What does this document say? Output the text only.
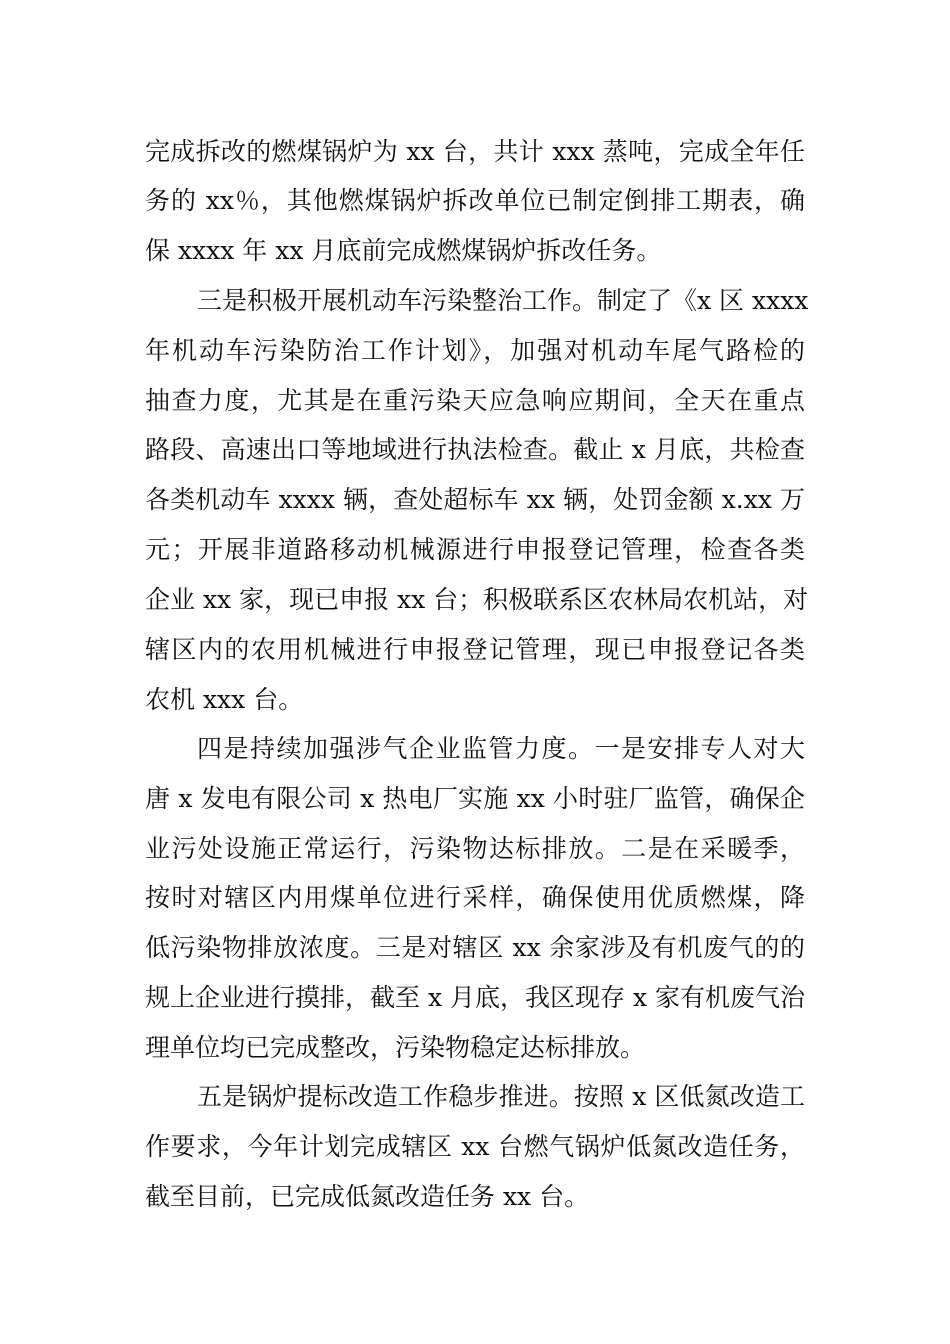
完成拆改的燃煤锅炉为 xx 台，共计 xxx 蒸吨，完成全年任
务的 xx％，其他燃煤锅炉拆改单位已制定倒排工期表，确
保 xxxx 年 xx 月底前完成燃煤锅炉拆改任务。
三是积极开展机动车污染整治工作。制定了《x 区 xxxx
年机动车污染防治工作计划》，加强对机动车尾气路检的
抽查力度，尤其是在重污染天应急响应期间，全天在重点
路段、高速出口等地域进行执法检查。截止 x 月底，共检查
各类机动车 xxxx 辆，查处超标车 xx 辆，处罚金额 x.xx 万
元；开展非道路移动机械源进行申报登记管理，检查各类
企业 xx 家，现已申报 xx 台；积极联系区农林局农机站，对
辖区内的农用机械进行申报登记管理，现已申报登记各类
农机 xxx 台。
四是持续加强涉气企业监管力度。一是安排专人对大
唐 x 发电有限公司 x 热电厂实施 xx 小时驻厂监管，确保企
业污处设施正常运行，污染物达标排放。二是在采暖季，
按时对辖区内用煤单位进行采样，确保使用优质燃煤，降
低污染物排放浓度。三是对辖区 xx 余家涉及有机废气的的
规上企业进行摸排，截至 x 月底，我区现存 x 家有机废气治
理单位均已完成整改，污染物稳定达标排放。
五是锅炉提标改造工作稳步推进。按照 x 区低氮改造工
作要求，今年计划完成辖区 xx 台燃气锅炉低氮改造任务，
截至目前，已完成低氮改造任务 xx 台。
